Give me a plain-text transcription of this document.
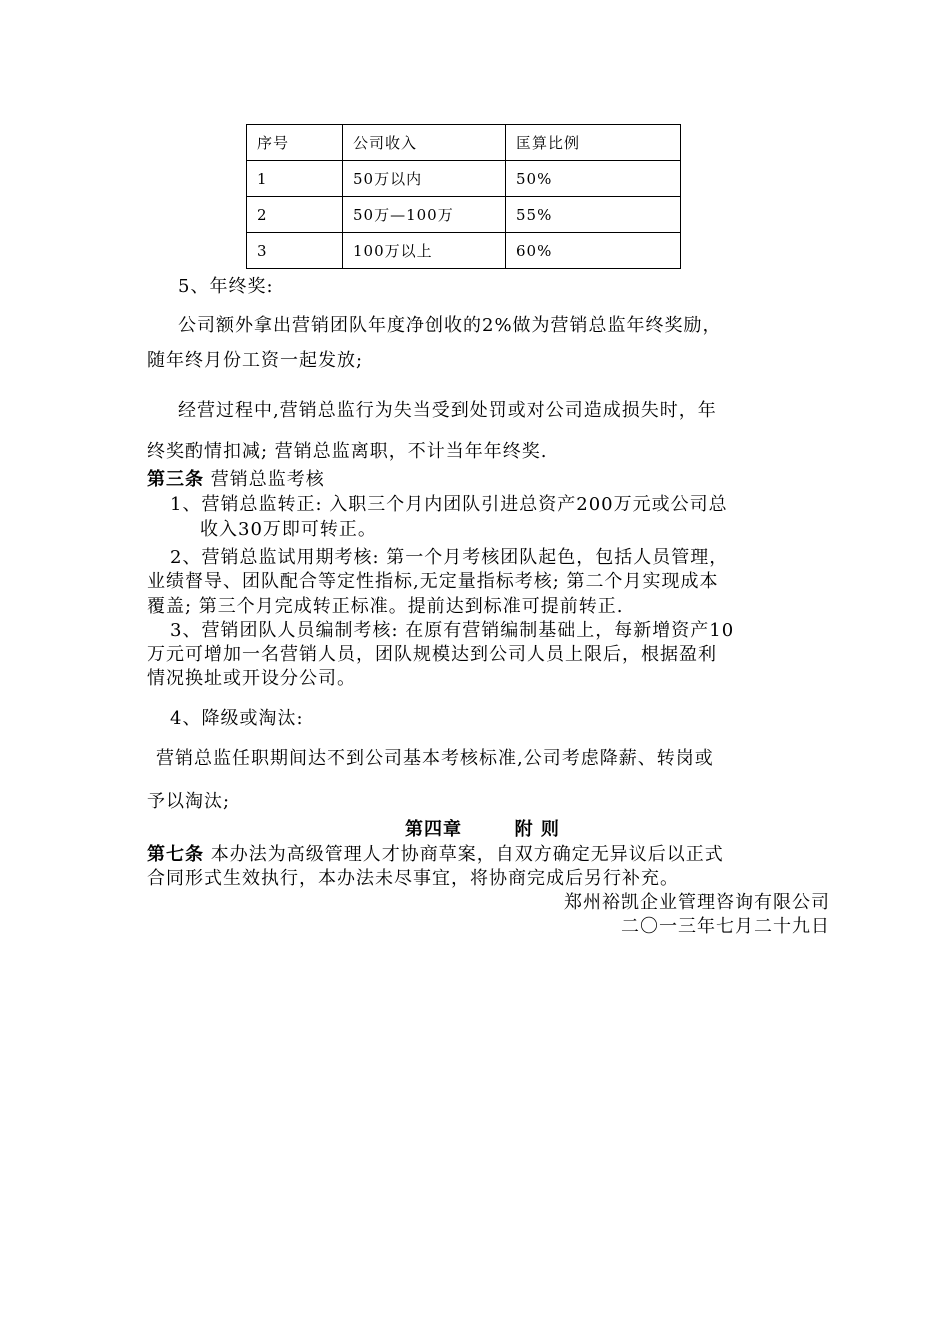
序号	公司收入	匡算比例
1	50万以内	50%
2	50万—100万	55%
3	100万以上	60%
5、年终奖:
公司额外拿出营销团队年度净创收的2%做为营销总监年终奖励，
随年终月份工资一起发放;
经营过程中,营销总监行为失当受到处罚或对公司造成损失时，年
终奖酌情扣减; 营销总监离职，不计当年年终奖.
第三条 营销总监考核
1、营销总监转正: 入职三个月内团队引进总资产200万元或公司总
收入30万即可转正。
2、营销总监试用期考核: 第一个月考核团队起色，包括人员管理，
业绩督导、团队配合等定性指标,无定量指标考核; 第二个月实现成本
覆盖; 第三个月完成转正标准。提前达到标准可提前转正.
3、营销团队人员编制考核: 在原有营销编制基础上，每新增资产10
万元可增加一名营销人员，团队规模达到公司人员上限后，根据盈利
情况换址或开设分公司。
4、降级或淘汰:
营销总监任职期间达不到公司基本考核标准,公司考虑降薪、转岗或
予以淘汰;
第四章	附 则
第七条 本办法为高级管理人才协商草案，自双方确定无异议后以正式
合同形式生效执行，本办法未尽事宜，将协商完成后另行补充。
郑州裕凯企业管理咨询有限公司
二〇一三年七月二十九日
